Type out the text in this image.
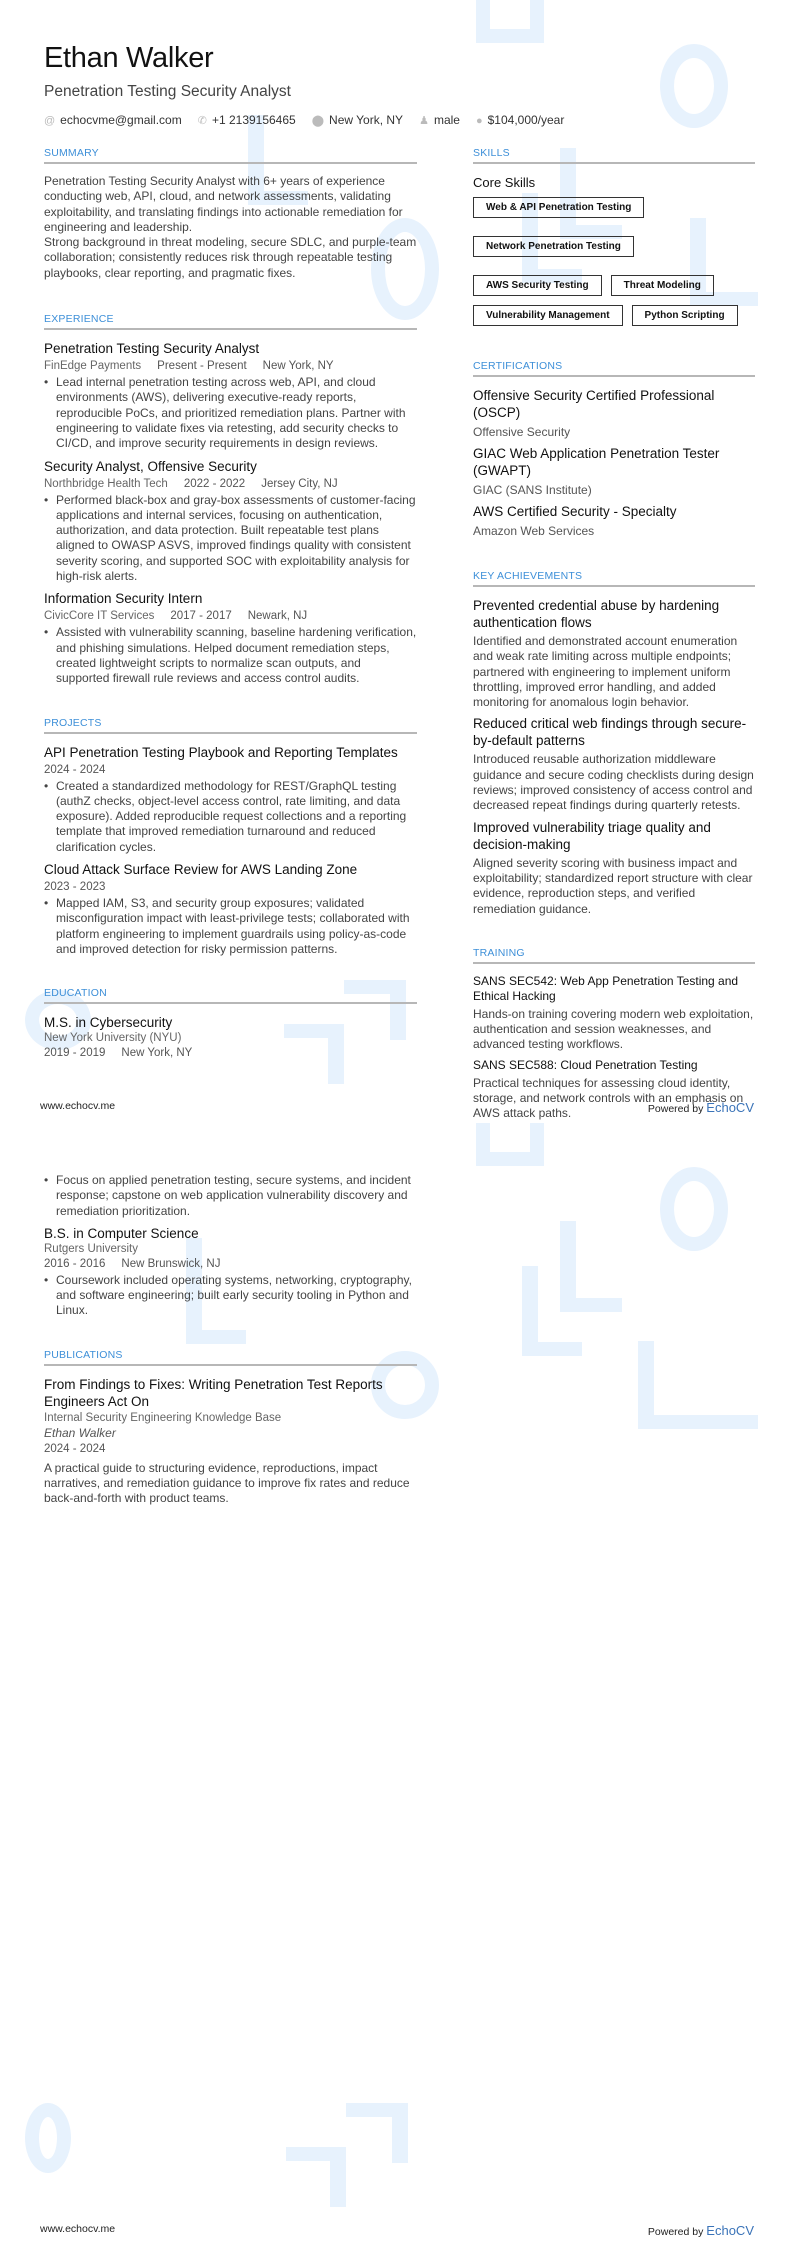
Ethan Walker
Penetration Testing Security Analyst
@ echocvme@gmail.com ✆ +1 2139156465 ⬤ New York, NY ♟ male ● $104,000/year
SUMMARY

Penetration Testing Security Analyst with 6+ years of experience conducting web, API, cloud, and network assessments, validating exploitability, and translating findings into actionable remediation for engineering and leadership.

Strong background in threat modeling, secure SDLC, and purple-team collaboration; consistently reduces risk through repeatable testing playbooks, clear reporting, and pragmatic fixes.

EXPERIENCE
Penetration Testing Security Analyst
FinEdge Payments Present - Present New York, NY
• Lead internal penetration testing across web, API, and cloud environments (AWS), delivering executive-ready reports, reproducible PoCs, and prioritized remediation plans. Partner with engineering to validate fixes via retesting, add security checks to CI/CD, and improve security requirements in design reviews.
Security Analyst, Offensive Security
Northbridge Health Tech 2022 - 2022 Jersey City, NJ
• Performed black-box and gray-box assessments of customer-facing applications and internal services, focusing on authentication, authorization, and data protection. Built repeatable test plans aligned to OWASP ASVS, improved findings quality with consistent severity scoring, and supported SOC with exploitability analysis for high-risk alerts.
Information Security Intern
CivicCore IT Services 2017 - 2017 Newark, NJ
• Assisted with vulnerability scanning, baseline hardening verification, and phishing simulations. Helped document remediation steps, created lightweight scripts to normalize scan outputs, and supported firewall rule reviews and access control audits.
PROJECTS
API Penetration Testing Playbook and Reporting Templates
2024 - 2024
• Created a standardized methodology for REST/GraphQL testing (authZ checks, object-level access control, rate limiting, and data exposure). Added reproducible request collections and a reporting template that improved remediation turnaround and reduced clarification cycles.
Cloud Attack Surface Review for AWS Landing Zone
2023 - 2023
• Mapped IAM, S3, and security group exposures; validated misconfiguration impact with least-privilege tests; collaborated with platform engineering to implement guardrails using policy-as-code and improved detection for risky permission patterns.
EDUCATION
M.S. in Cybersecurity
New York University (NYU)
2019 - 2019 New York, NY
SKILLS
Core Skills
Web & API Penetration Testing
Network Penetration Testing
AWS Security Testing	Threat Modeling
Vulnerability Management	Python Scripting
CERTIFICATIONS
Offensive Security Certified Professional (OSCP)
Offensive Security
GIAC Web Application Penetration Tester (GWAPT)
GIAC (SANS Institute)
AWS Certified Security - Specialty
Amazon Web Services
KEY ACHIEVEMENTS
Prevented credential abuse by hardening authentication flows

Identified and demonstrated account enumeration and weak rate limiting across multiple endpoints; partnered with engineering to implement uniform throttling, improved error handling, and added monitoring for anomalous login behavior.

Reduced critical web findings through secure-by-default patterns

Introduced reusable authorization middleware guidance and secure coding checklists during design reviews; improved consistency of access control and decreased repeat findings during quarterly retests.

Improved vulnerability triage quality and decision-making

Aligned severity scoring with business impact and exploitability; standardized report structure with clear evidence, reproduction steps, and verified remediation guidance.

TRAINING
SANS SEC542: Web App Penetration Testing and Ethical Hacking

Hands-on training covering modern web exploitation, authentication and session weaknesses, and advanced testing workflows.

SANS SEC588: Cloud Penetration Testing

Practical techniques for assessing cloud identity, storage, and network controls with an emphasis on AWS attack paths.

www.echocv.me	Powered by EchoCV
• Focus on applied penetration testing, secure systems, and incident response; capstone on web application vulnerability discovery and remediation prioritization.
B.S. in Computer Science
Rutgers University
2016 - 2016 New Brunswick, NJ
• Coursework included operating systems, networking, cryptography, and software engineering; built early security tooling in Python and Linux.
PUBLICATIONS
From Findings to Fixes: Writing Penetration Test Reports Engineers Act On
Internal Security Engineering Knowledge Base
Ethan Walker
2024 - 2024

A practical guide to structuring evidence, reproductions, impact narratives, and remediation guidance to improve fix rates and reduce back-and-forth with product teams.

www.echocv.me	Powered by EchoCV
